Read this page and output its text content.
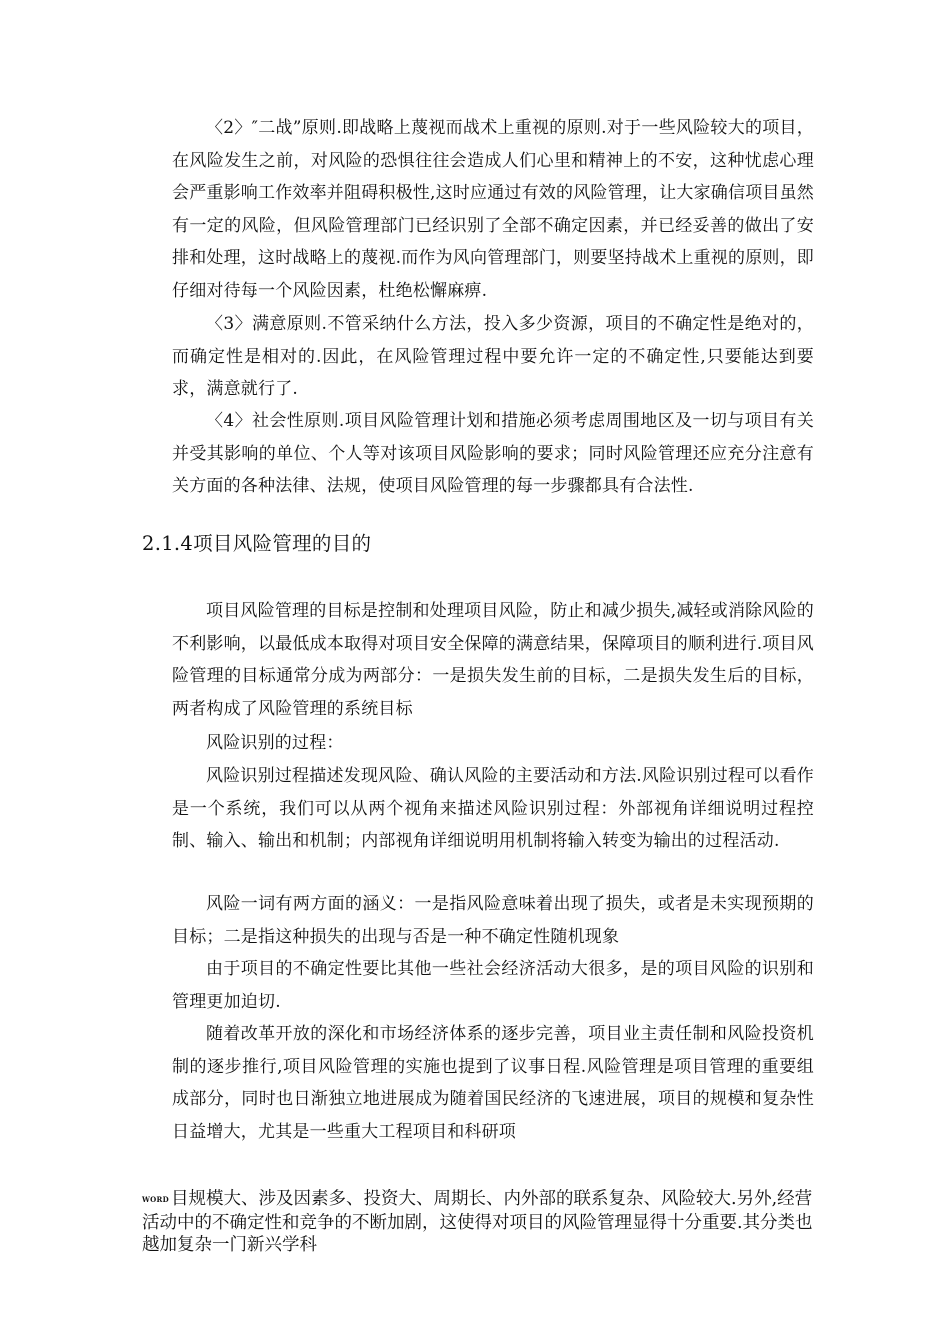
〈2〉″二战”原则.即战略上蔑视而战术上重视的原则.对于一些风险较大的项目，在风险发生之前，对风险的恐惧往往会造成人们心里和精神上的不安，这种忧虑心理会严重影响工作效率并阻碍积极性,这时应通过有效的风险管理，让大家确信项目虽然有一定的风险，但风险管理部门已经识别了全部不确定因素，并已经妥善的做出了安排和处理，这时战略上的蔑视.而作为风向管理部门，则要坚持战术上重视的原则，即仔细对待每一个风险因素，杜绝松懈麻痹.

〈3〉满意原则.不管采纳什么方法，投入多少资源，项目的不确定性是绝对的，而确定性是相对的.因此，在风险管理过程中要允许一定的不确定性,只要能达到要求，满意就行了.

〈4〉社会性原则.项目风险管理计划和措施必须考虑周围地区及一切与项目有关并受其影响的单位、个人等对该项目风险影响的要求；同时风险管理还应充分注意有关方面的各种法律、法规，使项目风险管理的每一步骤都具有合法性.

2.1.4项目风险管理的目的

项目风险管理的目标是控制和处理项目风险，防止和减少损失,减轻或消除风险的不利影响，以最低成本取得对项目安全保障的满意结果，保障项目的顺利进行.项目风险管理的目标通常分成为两部分：一是损失发生前的目标，二是损失发生后的目标，两者构成了风险管理的系统目标

风险识别的过程：

风险识别过程描述发现风险、确认风险的主要活动和方法.风险识别过程可以看作是一个系统，我们可以从两个视角来描述风险识别过程：外部视角详细说明过程控制、输入、输出和机制；内部视角详细说明用机制将输入转变为输出的过程活动.

风险一词有两方面的涵义：一是指风险意味着出现了损失，或者是未实现预期的目标；二是指这种损失的出现与否是一种不确定性随机现象

由于项目的不确定性要比其他一些社会经济活动大很多，是的项目风险的识别和管理更加迫切.

随着改革开放的深化和市场经济体系的逐步完善，项目业主责任制和风险投资机制的逐步推行,项目风险管理的实施也提到了议事日程.风险管理是项目管理的重要组成部分，同时也日渐独立地进展成为随着国民经济的飞速进展，项目的规模和复杂性日益增大，尤其是一些重大工程项目和科研项

WORD 目规模大、涉及因素多、投资大、周期长、内外部的联系复杂、风险较大.另外,经营活动中的不确定性和竞争的不断加剧，这使得对项目的风险管理显得十分重要.其分类也越加复杂一门新兴学科
